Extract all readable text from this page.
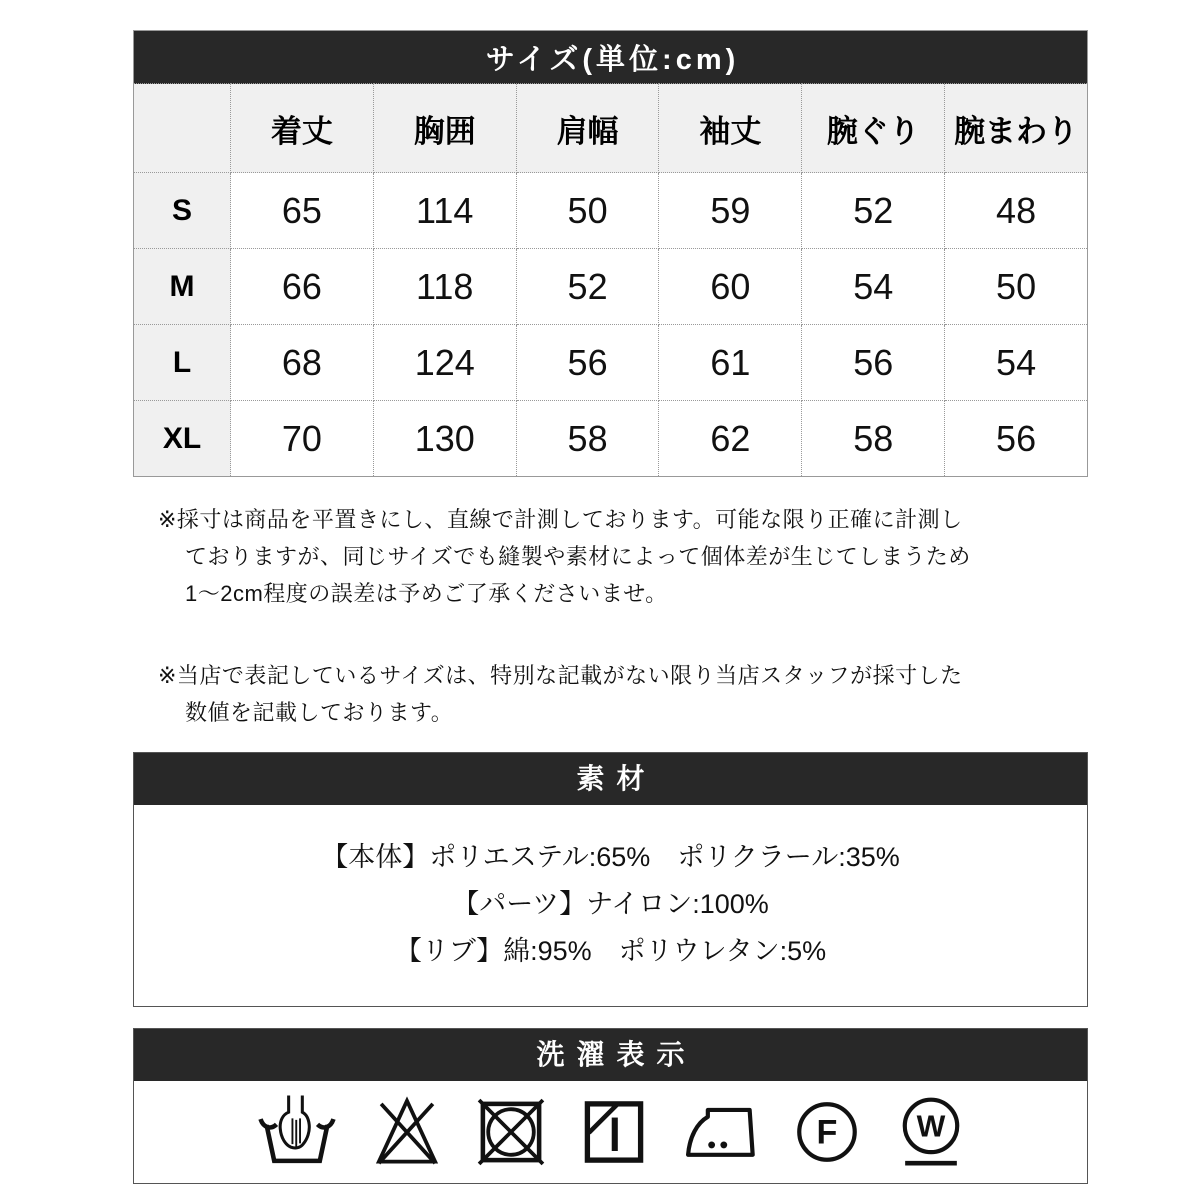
サイズ(単位:cm)						
	着丈	胸囲	肩幅	袖丈	腕ぐり	腕まわり
S	65	114	50	59	52	48
M	66	118	52	60	54	50
L	68	124	56	61	56	54
XL	70	130	58	62	58	56
※採寸は商品を平置きにし、直線で計測しております。可能な限り正確に計測し
ておりますが、同じサイズでも縫製や素材によって個体差が生じてしまうため
1〜2cm程度の誤差は予めご了承くださいませ。
※当店で表記しているサイズは、特別な記載がない限り当店スタッフが採寸した
数値を記載しております。
素材
【本体】ポリエステル:65%　ポリクラール:35%
【パーツ】ナイロン:100%
【リブ】綿:95%　ポリウレタン:5%
洗濯表示
F W
